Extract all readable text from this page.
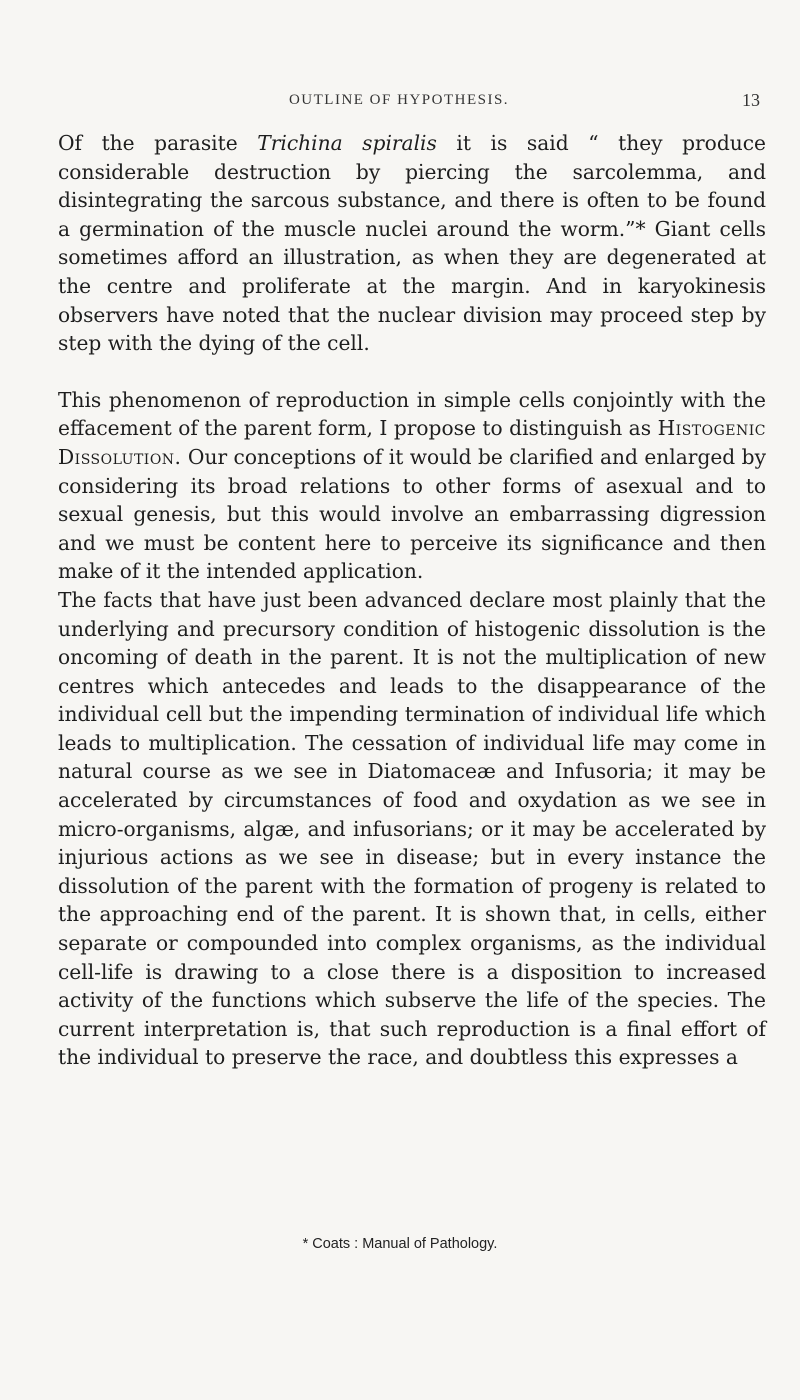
OUTLINE OF HYPOTHESIS.	13

Of the parasite Trichina spiralis it is said “ they produce considerable destruction by piercing the sarcolemma, and disintegrating the sarcous substance, and there is often to be found a germination of the muscle nuclei around the worm.”* Giant cells sometimes afford an illustration, as when they are degenerated at the centre and proliferate at the margin. And in karyokinesis observers have noted that the nuclear division may proceed step by step with the dying of the cell.

This phenomenon of reproduction in simple cells conjointly with the effacement of the parent form, I propose to distinguish as Histogenic Dissolution. Our conceptions of it would be clarified and enlarged by considering its broad relations to other forms of asexual and to sexual genesis, but this would involve an embarrassing digression and we must be content here to perceive its significance and then make of it the intended application.

The facts that have just been advanced declare most plainly that the underlying and precursory condition of histogenic dissolution is the oncoming of death in the parent. It is not the multiplication of new centres which antecedes and leads to the disappearance of the individual cell but the impending termination of individual life which leads to multiplication. The cessation of individual life may come in natural course as we see in Diatomaceæ and Infusoria; it may be accelerated by circumstances of food and oxydation as we see in micro-organisms, algæ, and infusorians; or it may be accelerated by injurious actions as we see in disease; but in every instance the dissolution of the parent with the formation of progeny is related to the approaching end of the parent. It is shown that, in cells, either separate or compounded into complex organisms, as the individual cell-life is drawing to a close there is a disposition to increased activity of the functions which subserve the life of the species. The current interpretation is, that such reproduction is a final effort of the individual to preserve the race, and doubtless this expresses a

* Coats : Manual of Pathology.
